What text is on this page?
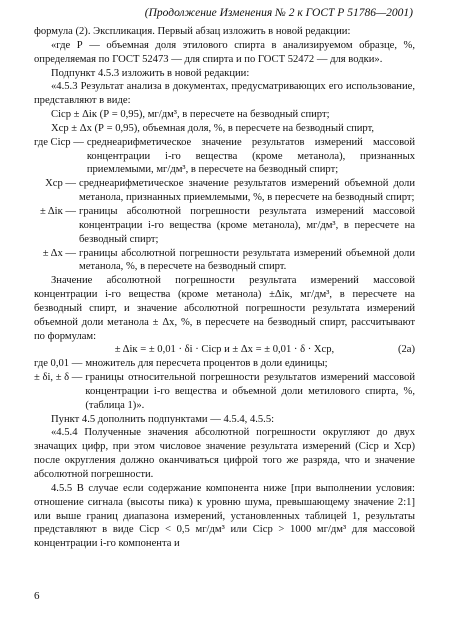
(Продолжение Изменения № 2 к ГОСТ Р 51786—2001)

формула (2). Экспликация. Первый абзац изложить в новой редакции:

«где Р — объемная доля этилового спирта в анализируемом образце, %, определяемая по ГОСТ 52473 — для спирта и по ГОСТ 52472 — для водки».

Подпункт 4.5.3 изложить в новой редакции:

«4.5.3 Результат анализа в документах, предусматривающих его использование, представляют в виде:

Ciср ± Δiк (Р = 0,95), мг/дм³, в пересчете на безводный спирт;

Xср ± Δx (Р = 0,95), объемная доля, %, в пересчете на безводный спирт,

где Ciср — среднеарифметическое значение результатов измерений массовой концентрации i-го вещества (кроме метанола), признанных приемлемыми, мг/дм³, в пересчете на безводный спирт;
Xср — среднеарифметическое значение результатов измерений объемной доли метанола, признанных приемлемыми, %, в пересчете на безводный спирт;
± Δiк — границы абсолютной погрешности результата измерений массовой концентрации i-го вещества (кроме метанола), мг/дм³, в пересчете на безводный спирт;
± Δx — границы абсолютной погрешности результата измерений объемной доли метанола, %, в пересчете на безводный спирт.

Значение абсолютной погрешности результата измерений массовой концентрации i-го вещества (кроме метанола) ±Δiк, мг/дм³, в пересчете на безводный спирт, и значение абсолютной погрешности результата измерений объемной доли метанола ± Δx, %, в пересчете на безводный спирт, рассчитывают по формулам:

± Δiк = ± 0,01 · δi · Ciср и ± Δx = ± 0,01 · δ · Xср,	(2а)
где 0,01 — множитель для пересчета процентов в доли единицы;
± δi, ± δ — границы относительной погрешности результатов измерений массовой концентрации i-го вещества и объемной доли метилового спирта, %, (таблица 1)».

Пункт 4.5 дополнить подпунктами — 4.5.4, 4.5.5:

«4.5.4 Полученные значения абсолютной погрешности округляют до двух значащих цифр, при этом числовое значение результата измерений (Ciср и Xср) после округления должно оканчиваться цифрой того же разряда, что и значение абсолютной погрешности.

4.5.5 В случае если содержание компонента ниже [при выполнении условия: отношение сигнала (высоты пика) к уровню шума, превышающему значение 2:1] или выше границ диапазона измерений, установленных таблицей 1, результаты представляют в виде Ciср < 0,5 мг/дм³ или Ciср > 1000 мг/дм³ для массовой концентрации i-го компонента и

6
